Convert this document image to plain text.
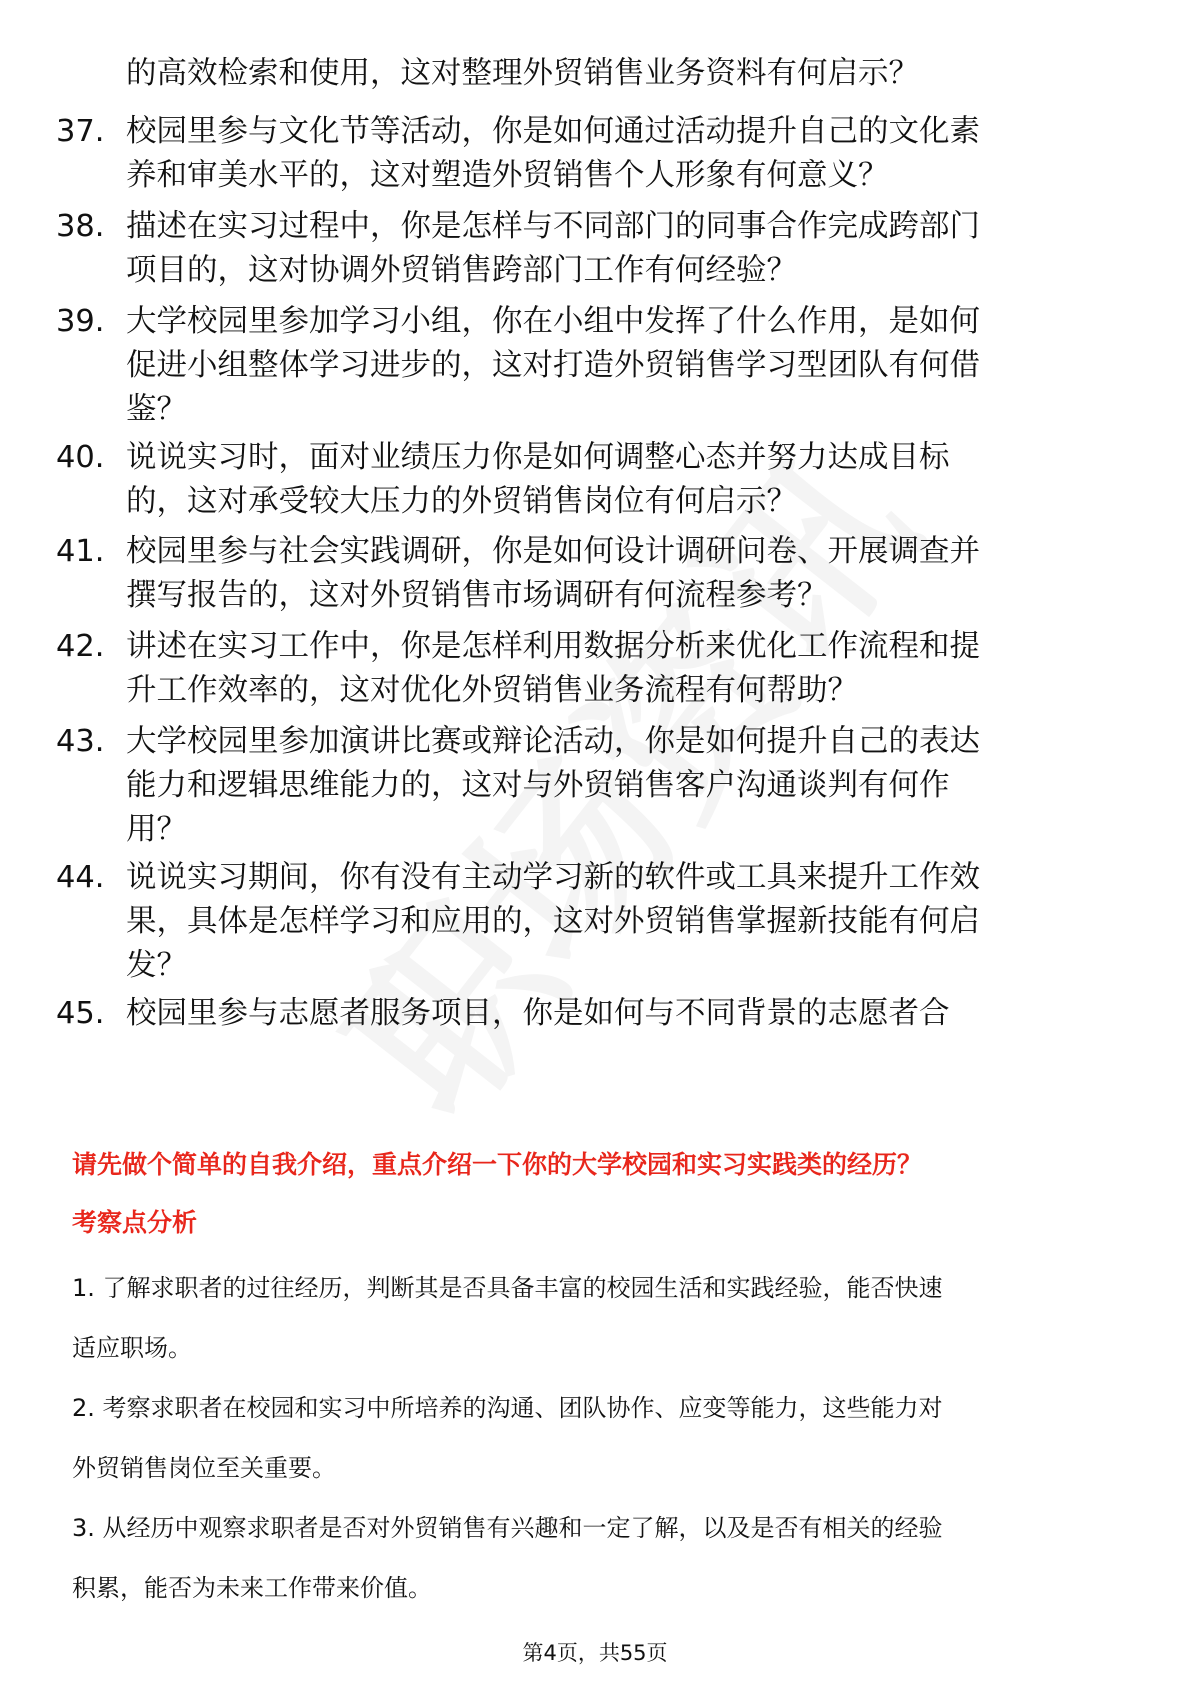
的高效检索和使用，这对整理外贸销售业务资料有何启示？
37. 校园里参与文化节等活动，你是如何通过活动提升自己的文化素
养和审美水平的，这对塑造外贸销售个人形象有何意义？
38. 描述在实习过程中，你是怎样与不同部门的同事合作完成跨部门
项目的，这对协调外贸销售跨部门工作有何经验？
39. 大学校园里参加学习小组，你在小组中发挥了什么作用，是如何
促进小组整体学习进步的，这对打造外贸销售学习型团队有何借
鉴？
40. 说说实习时，面对业绩压力你是如何调整心态并努力达成目标
的，这对承受较大压力的外贸销售岗位有何启示？
41. 校园里参与社会实践调研，你是如何设计调研问卷、开展调查并
撰写报告的，这对外贸销售市场调研有何流程参考？
42. 讲述在实习工作中，你是怎样利用数据分析来优化工作流程和提
升工作效率的，这对优化外贸销售业务流程有何帮助？
43. 大学校园里参加演讲比赛或辩论活动，你是如何提升自己的表达
能力和逻辑思维能力的，这对与外贸销售客户沟通谈判有何作
用？
44. 说说实习期间，你有没有主动学习新的软件或工具来提升工作效
果，具体是怎样学习和应用的，这对外贸销售掌握新技能有何启
发？
45. 校园里参与志愿者服务项目，你是如何与不同背景的志愿者合
请先做个简单的自我介绍，重点介绍一下你的大学校园和实习实践类的经历？
考察点分析

1. 了解求职者的过往经历，判断其是否具备丰富的校园生活和实践经验，能否快速
适应职场。

2. 考察求职者在校园和实习中所培养的沟通、团队协作、应变等能力，这些能力对
外贸销售岗位至关重要。

3. 从经历中观察求职者是否对外贸销售有兴趣和一定了解，以及是否有相关的经验
积累，能否为未来工作带来价值。

第4页，共55页
